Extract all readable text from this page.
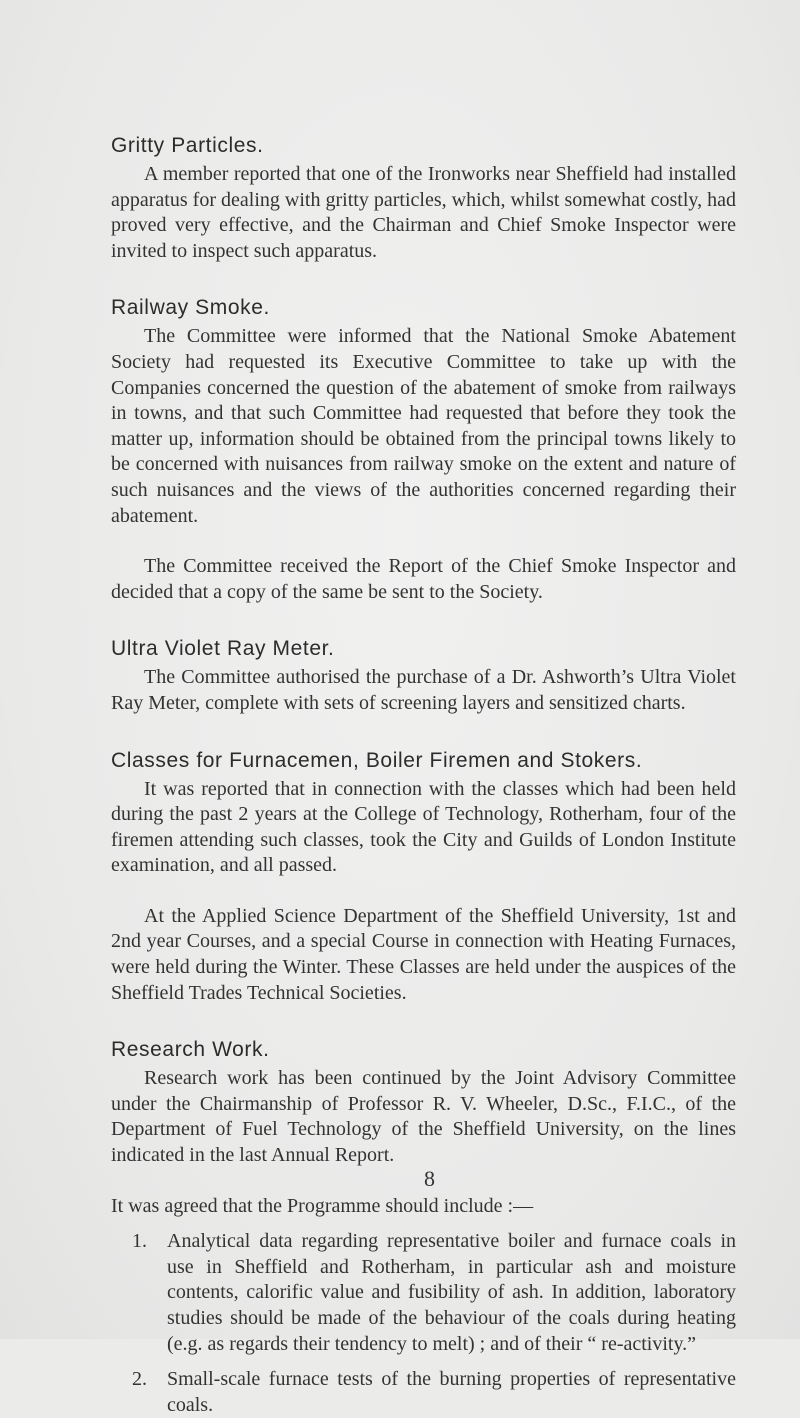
Gritty Particles.

A member reported that one of the Ironworks near Sheffield had installed apparatus for dealing with gritty particles, which, whilst somewhat costly, had proved very effective, and the Chairman and Chief Smoke Inspector were invited to inspect such apparatus.

Railway Smoke.

The Committee were informed that the National Smoke Abatement Society had requested its Executive Committee to take up with the Companies concerned the question of the abatement of smoke from railways in towns, and that such Committee had requested that before they took the matter up, information should be obtained from the principal towns likely to be concerned with nuisances from railway smoke on the extent and nature of such nuisances and the views of the authorities concerned regarding their abatement.

The Committee received the Report of the Chief Smoke Inspector and decided that a copy of the same be sent to the Society.

Ultra Violet Ray Meter.

The Committee authorised the purchase of a Dr. Ashworth’s Ultra Violet Ray Meter, complete with sets of screening layers and sensitized charts.

Classes for Furnacemen, Boiler Firemen and Stokers.

It was reported that in connection with the classes which had been held during the past 2 years at the College of Technology, Rotherham, four of the firemen attending such classes, took the City and Guilds of London Institute examination, and all passed.

At the Applied Science Department of the Sheffield University, 1st and 2nd year Courses, and a special Course in connection with Heating Furnaces, were held during the Winter. These Classes are held under the auspices of the Sheffield Trades Technical Societies.

Research Work.

Research work has been continued by the Joint Advisory Committee under the Chairmanship of Professor R. V. Wheeler, D.Sc., F.I.C., of the Department of Fuel Technology of the Sheffield University, on the lines indicated in the last Annual Report.

It was agreed that the Programme should include :—

1. Analytical data regarding representative boiler and furnace coals in use in Sheffield and Rotherham, in particular ash and moisture contents, calorific value and fusibility of ash. In addition, laboratory studies should be made of the behaviour of the coals during heating (e.g. as regards their tendency to melt) ; and of their “ re-activity.”
2. Small-scale furnace tests of the burning properties of representative coals.
8
